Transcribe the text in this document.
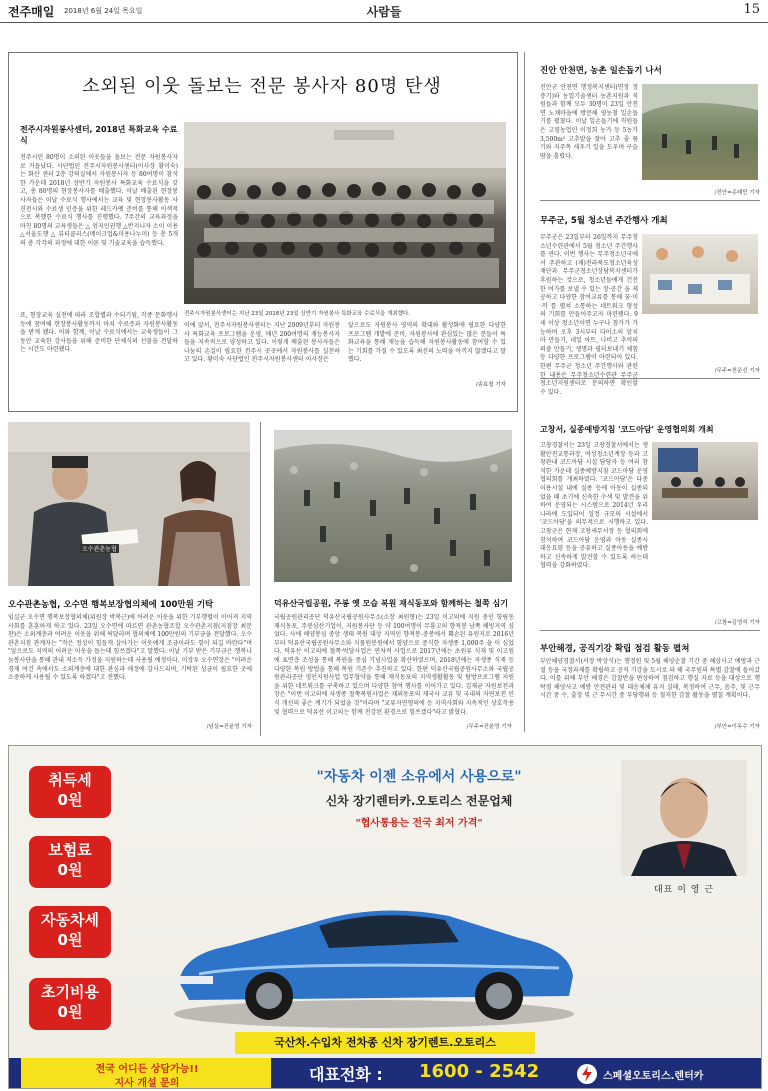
전주매일 2018년 6월 24일 목요일	사람들	15
소외된 이웃 돌보는 전문 봉사자 80명 탄생
전주시자원봉사센터, 2018년 특화교육 수료식
전주시민 80명이 소외된 이웃들을 돌보는 전문 자원봉사자로 거듭났다. 사단법인 전주시자원봉사센터(이사장 황미숙)는 화산 센터 2층 강의실에서 자원봉사자 등 80여명이 참석한 가운데 2018년 상반기 자원봉사 특화교육 수료식을 갖고, 총 80명의 현장봉사자를 배출했다. 이날 배출된 현장봉사자들은 이날 수료식 행사에서는 교육 및 현장봉사활동 사진전시와 수료생 인증을 위한 레드카펫 준비를 통해 이색적으로 복했한 수료식 행사를 진행했다. 7주간의 교육과정을 마친 80명의 교육생들은 △ 엄지인권행 △반지니자 소이 이용 △서울도행 △ 뷰티클리스(메이크업&미용나누미) 등 총 5개의 총 각각의 과정에 대한 이론 및 기술교육을 습득했다.
또, 현장교육 실천에 따라 조합별과 수되기됨, 각종 문화행사 등에 참여해 현장봉사활동까지 마쳐 수료증과 자원봉사활동을 받게 됐다. 이와 함께, 이날 수료식에서는 교육생들이 그동안 교육한 강사들을 위해 준비한 단체식의 선물을 전달하는 시간도 마련됐다.
전주시자원봉사센터는 지난 23일 2018년 23일 상반기 자원봉사 특화교육 수료식을 개최했다.
이에 앞서, 전주시자원봉사센터는 지난 2009년부터 자원봉사 특화교육 프로그램을 운영, 매년 200여명의 재능봉사자들을 지속적으로 양성하고 있다. 이렇게 배출된 봉사자들은 나눔의 손길이 필요한 전주시 곳곳에서 자원봉사를 실천하고 있다. 황미숙 사단법인 전주시자원봉사센터 이사장은
앞으로도 자원봉사 영역의 확대와 활성화에 필요한 다양한 프로그램 개발에 준비, 자원봉사에 관심있는 많은 분들이 특화교육을 통해 재능을 습득해 자원봉사활동에 참여할 수 있는 기회를 가질 수 있도록 최선의 노력을 아끼지 않겠다고 말했다.
/송효철 기자
오수관촌농협
오수관촌농협, 오수면 행복보장협의체에 100만원 기탁
임실군 오수면 행복보장협의체(위원장 박복근)에 어려운 이웃을 위한 기부행렬이 이어져 지역사회를 훈훈하게 하고 있다. 23일 오수면에 따르면 관촌농협조합 오수관촌지점(지점장 최문찬)은 소외계층과 어려운 이웃을 위해 써달라며 협의체에 100만원의 기부금을 전달했다. 오수관촌지점 관계자는 "작은 정성이 힘들게 살아가는 이웃에게 조금이라도 힘이 되길 바란다"며 "앞으로도 지역의 어려운 이웃을 돕는데 힘쓰겠다"고 말했다. 이날 기부 받은 기부금은 행복나눔봉사단을 통해 관내 저소득 가정을 지원하는데 사용될 예정이다. 이장우 오수면장은 "어려운 경제 여건 속에서도 소외계층에 대한 관심과 애정에 감사드리며, 기탁된 성금이 필요한 곳에 소중하게 사용될 수 있도록 하겠다"고 전했다.
/임실=진윤영 기자
덕유산국립공원, 주봉 옛 모습 복원 재식동포와 함께하는 철쭉 심기
국립공원관리공단 덕유산국립공원사무소(소장 최원형)는 23일 이고의에 지원 중인 항림동 재식동포, 주봉삼산기업이, 지원봉사단 등 약 100여명이 무룡고의 향적봉 남쪽 해빙지역 심었다. 사에 해양봉심 중앙 생태 복원 대상 지역인 향적봉-중봉에서 훼손된 유원지로 2016년부터 덕유산국립공원사무소와 식물원봉원에서 함양으로 중식한 자생종 1,000주 을 이 심었다. 덕유산 이고의에 철쭉·박달사업은 연차적 사업으로 2017년에는 초원류 식재 및 이고원에 표면층 조성을 통해 복원을 중심 기념사업을 확산하였으며, 2018년에는 자생종 식재 등 다양한 복원 방법을 통해 복원 기존수 추진하고 있다. 한편 덕유산국립공원사무소와 국립공원관리공단 영인지원사업 업무협약을 통해 재식동포의 지역생활활동 및 탐방프로그램 지원을 위한 네트워크를 구축하고 있으며 다양한 참여 행사를 이어가고 있다. 김재균 자원보전과장은 "이번 이고의에 자생종 철쭉복원사업은 재외동포의 재국사 교류 및 국내의 자연보전 인식 개선의 좋은 계기가 되었을 것"이라며 "교류자연형의에 등 지역사회와 지속적인 상호작용 및 협력으로 덕유산 이고의는 함께 전강된 환경으로 힘쓰겠다"라고 밝혔다.
/무주=진윤영 기자
진안 안천면, 농촌 일손돕기 나서
진안군 안천면 행정복지센터(면장 정충기)와 농업기술센터 농촌지원과 직원들과 함께 모두 30명이 23일 안천면 노채마을에 방문해 영농철 일손돕기를 펼쳤다. 이날 일손돕기에 직원들은 고령농업인 이정희 농가 등 5농가 3,500m² 고추밭을 찾아 고추 줄 묶기와 지주목 세우기 일을 도우며 구슬땀을 흘렸다.
/진안=유태민 기자
무주군, 5월 청소년 주간행사 개최
무주군은 23일부터 26일까지 무주청소년수련관에서 5월 청소년 주간행사를 연다. 이번 행사는 무주청소년국에서 주관하고 (재)전라북도청소년육성재단과 무주군청소년상담복지센터가 후원하는 것으로, 청소년들에게 건전한 여가를 보낼 수 있는 장·공간 을 제공하고 다양한 참여교류를 통해 꿈·미·끼 를 펼쳐 소통하는 네트워크 형성의 기회를 만들어주고자 마련됐다. 9세 이상 청소년이면 누구나 참가가 가능하며 오후 3시부터 다이소의 앞치마 만들기, 네일 아트, 나비고 추억의 퍼즐 만들기, 생명과 필터보내기 체험 등 다양한 프로그램이 마련되어 있다. 한편 무주군 청소년 주간행사와 관련한 내용은 무주청소년수련관 무주군청소년지원센터로 문의하면 확인할 수 있다.
/무주=천운선 기자
고창서, 실종예방지침 '코드아담' 운영협의회 개최
고창경찰서는 23일 고창경찰서에서는 생활안전교통과장, 여성청소년계장 등과 고창관내 코드아담 시설 담당자 등 여러 참석한 가운데 실종예방지침 코드아담 운영협의회를 개최하였다. '코드아담'은 다중이용시설 내에 실종 등에 아동이 실종되었을 때 초기에 신속한 수색 및 발견을 위하여 운영되는 시스템으로 2014년 우리나라에 도입되어 일정 규모의 시설에서 '코드아담'을 의무적으로 시행하고 있다. 고창군은 현재 고창세무서장 등 협의회에 참석하여 코드아담 운영과 아동 실종시 대응요령 등을 공유하고 실종아동을 예방하고 신속하게 발견할 수 있도록 하는데 협력을 강화하였다.
/고창=김영석 기자
부안해경, 공직기강 확립 점검 활동 펼쳐
부안해양경찰서(서장 박상식)는 행정원 및 5월 해양순찰 기간 중 해상사고 예방과 근절 등을 국정과제를 확립하고 공직 기강을 도시로 파 해 국무원의 특별 감찰에 들어갔다. 이를 위해 부안 해경은 감찰반을 편성하여 점검하고 행실 자료 등을 대상으로 행락철 해양사고 예방 안전관리 및 대응체제 유지 실태, 복정하여 근무, 음주, 및 근무 시간 중 수, 출장 및 근 무시간 중 부당행위 등 철저한 감찰 활동을 펼칠 계획이다.
/부안=이옥수 기자
취득세
0원
보험료
0원
자동차세
0원
초기비용
0원
"자동차 이젠 소유에서 사용으로"
신차 장기렌터카.오토리스 전문업체
"협사통용는 전국 최저 가격"
대표 이 영 근
국산차.수입차 전차종 신차 장기렌트.오토리스
전국 어디든 상담가능!!
지사 개설 문의	대표전화 : 1600 - 2542	스페셜오토리스.렌터카
